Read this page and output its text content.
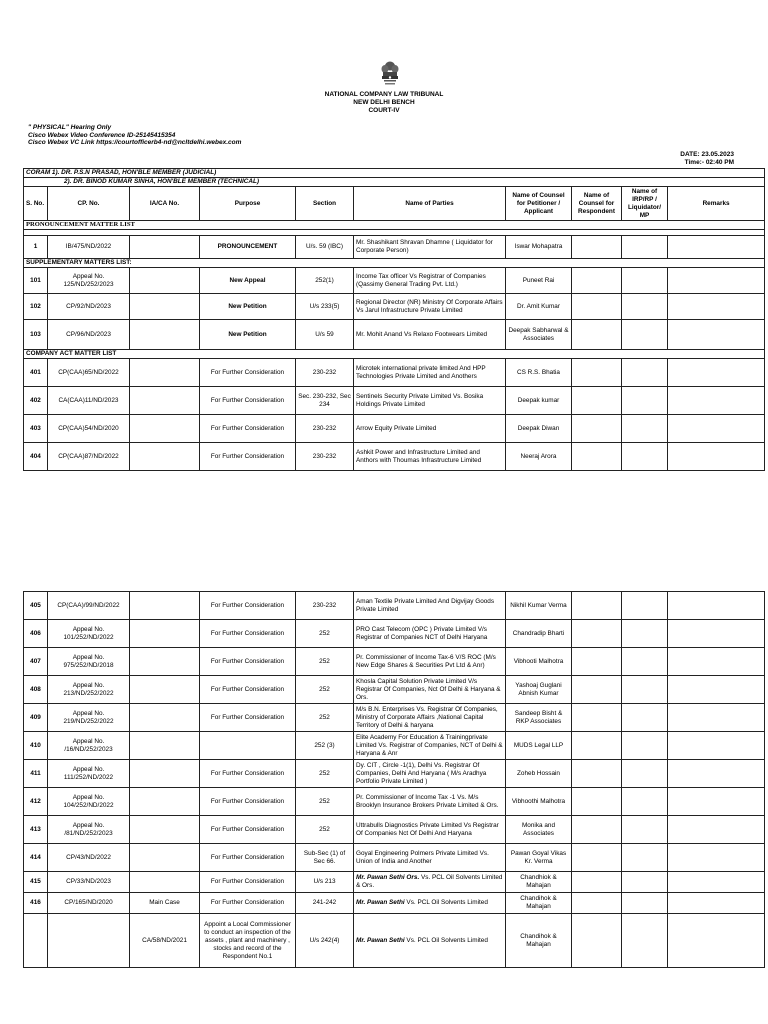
NATIONAL COMPANY LAW TRIBUNAL
NEW DELHI BENCH
COURT-IV
" PHYSICAL" Hearing Only
Cisco Webex Video Conference ID-25145415354
Cisco Webex VC Link https://courtofficerb4-nd@ncltdelhi.webex.com
DATE: 23.05.2023
Time:- 02:40 PM
CORAM 1). DR. P.S.N PRASAD, HON'BLE MEMBER (JUDICIAL)									

2). DR. BINOD KUMAR SINHA, HON'BLE MEMBER (TECHNICAL)									

S. No.	CP. No.	IA/CA No.	Purpose	Section	Name of Parties	Name of Counsel for Petitioner / Applicant	Name of Counsel for Respondent	Name of IRP/RP / Liquidator/ MP	Remarks
PRONOUNCEMENT MATTER LIST									

1	IB/475/ND/2022		PRONOUNCEMENT	U/s. 59 (IBC)	Mr. Shashikant Shravan Dhamne ( Liquidator for Corporate Person)	Iswar Mohapatra			
SUPPLEMENTARY MATTERS LIST:									
101	Appeal No. 125/ND/252/2023		New Appeal	252(1)	Income Tax officer Vs Registrar of Companies (Qassimy General Trading Pvt. Ltd.)	Puneet Rai			
102	CP/92/ND/2023		New Petition	U/s 233(5)	Regional Director (NR) Ministry Of Corporate Affairs Vs Jarul Infrastructure Private Limited	Dr. Amit Kumar			
103	CP/96/ND/2023		New Petition	U/s 59	Mr. Mohit Anand Vs Relaxo Footwears Limited	Deepak Sabharwal & Associates			
COMPANY ACT MATTER LIST									
401	CP(CAA)65/ND/2022		For Further Consideration	230-232	Microtek international private limited And HPP Technologies Private Limited and Anothers	CS R.S. Bhatia			
402	CA(CAA)11/ND/2023		For Further Consideration	Sec. 230-232, Sec 234	Sentinels Security Private Limited Vs. Bosika Holdings Private Limited	Deepak kumar			
403	CP(CAA)54/ND/2020		For Further Consideration	230-232	Arrow Equity Private Limited	Deepak Diwan			
404	CP(CAA)87/ND/2022		For Further Consideration	230-232	Ashkit Power and Infrastructure Limited and Anthors with Thoumas Infrastructure Limited	Neeraj Arora			
405	CP(CAA)/99/ND/2022		For Further Consideration	230-232	Aman Textile Private Limited And Digvijay Goods Private Limited	Nikhil Kumar Verma			
406	Appeal No. 101/252/ND/2022		For Further Consideration	252	PRO Cast Telecom (OPC ) Private Limited V/s Registrar of Companies NCT of Delhi Haryana	Chandradip Bharti			
407	Appeal No. 975/252/ND/2018		For Further Consideration	252	Pr. Commissioner of Income Tax-6 V/S ROC (M/s New Edge Shares & Securities Pvt Ltd & Anr)	Vibhooti Malhotra			
408	Appeal No. 213/ND/252/2022		For Further Consideration	252	Khosla Capital Solution Private Limited V/s Registrar Of Companies, Nct Of Delhi & Haryana & Ors.	Yashoaj Guglani Abnish Kumar			
409	Appeal No. 219/ND/252/2022		For Further Consideration	252	M/s B.N. Enterprises Vs. Registrar Of Companies, Ministry of Corporate Affairs ,National Capital Territory of Delhi & haryana	Sandeep Bisht & RKP Associates			
410	Appeal No. /16/ND/252/2023			252 (3)	Elite Academy For Education & Trainingprivate Limited Vs. Registrar of Companies, NCT of Delhi & Haryana & Anr	MUDS Legal LLP			
411	Appeal No. 111/252/ND/2022		For Further Consideration	252	Dy. CIT , Circle -1(1), Delhi Vs. Registrar Of Companies, Delhi And Haryana ( M/s Aradhya Portfolio Private Limited )	Zoheb Hossain			
412	Appeal No. 104/252/ND/2022		For Further Consideration	252	Pr. Commissioner of Income Tax -1 Vs. M/s Brooklyn Insurance Brokers Private Limited & Ors.	Vibhoothi Malhotra			
413	Appeal No. /81/ND/252/2023		For Further Consideration	252	Uttrabulls Diagnostics Private Limited Vs Registrar Of Companies Nct Of Delhi And Haryana	Monika and Associates			
414	CP/43/ND/2022		For Further Consideration	Sub-Sec (1) of Sec 66.	Goyal Engineering Polmers Private Limited Vs. Union of India and Another	Pawan Goyal Vikas Kr. Verma			
415	CP/33/ND/2023		For Further Consideration	U/s 213	Mr. Pawan Sethi Ors. Vs. PCL Oil Solvents Limited & Ors.	Chandhiok & Mahajan			
416	CP/165/ND/2020	Main Case	For Further Consideration	241-242	Mr. Pawan Sethi Vs. PCL Oil Solvents Limited	Chandihok & Mahajan			
		CA/58/ND/2021	Appoint a Local Commissioner to conduct an inspection of the assets , plant and machinery , stocks and record of the Respondent No.1	U/s 242(4)	Mr. Pawan Sethi Vs. PCL Oil Solvents Limited	Chandihok & Mahajan			
